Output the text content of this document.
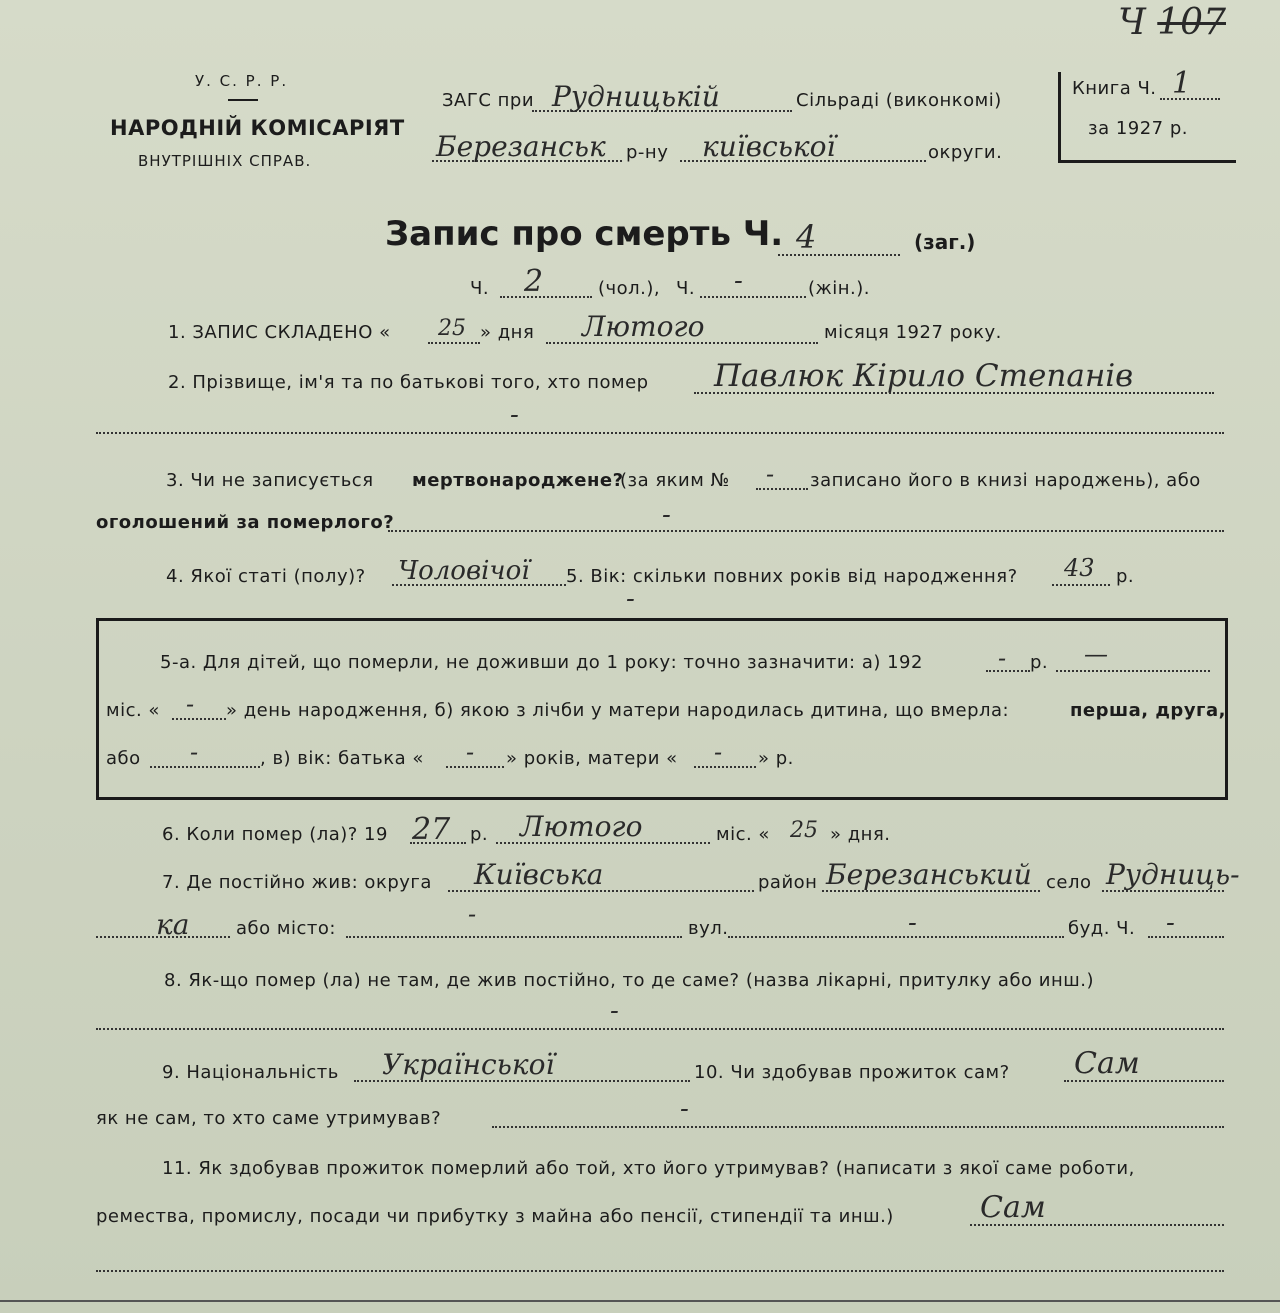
Ч 107
У. С. Р. Р.
НАРОДНІЙ КОМІСАРІЯТ
ВНУТРІШНІХ СПРАВ.
ЗАГС при Рудницькій	Сільраді (виконкомі)
Березанськ р-ну київської	округи.
Книга Ч. 1
за 1927 р.
Запис про смерть Ч. 4	(заг.)
Ч. 2	(чол.), Ч. -	(жін.).
1. ЗАПИС СКЛАДЕНО « 25 » дня Лютого	місяця 1927 року.
2. Прізвище, ім'я та по батькові того, хто помер Павлюк Кірило Степанів
-
3. Чи не записується мертвонароджене?
(за яким № - записано його в книзі народжень), або
оголошений за померлого?	-
4. Якої статі (полу)? Чоловічої 5. Вік: скільки повних років від народження? 43 р.
-
5-а. Для дітей, що померли, не доживши до 1 року: точно зазначити: а) 192	- р. —
міс. « - » день народження, б) якою з лічби у матери народилась дитина, що вмерла:	перша, друга,
або -	, в) вік: батька « - » років, матери « - » р.
6. Коли помер (ла)? 19 27 р. Лютого	міс. « 25 » дня.
7. Де постійно жив: округа Київська	район Березанський село Рудниць-
ка	або місто:
-
вул.	-	буд. Ч. -
8. Як-що помер (ла) не там, де жив постійно, то де саме? (назва лікарні, притулку або инш.)
-
9. Національність Української	10. Чи здобував прожиток сам? Сам
як не сам, то хто саме утримував?	-
11. Як здобував прожиток померлий або той, хто його утримував? (написати з якої саме роботи,
ремества, промислу, посади чи прибутку з майна або пенсії, стипендії та инш.)	Сам
